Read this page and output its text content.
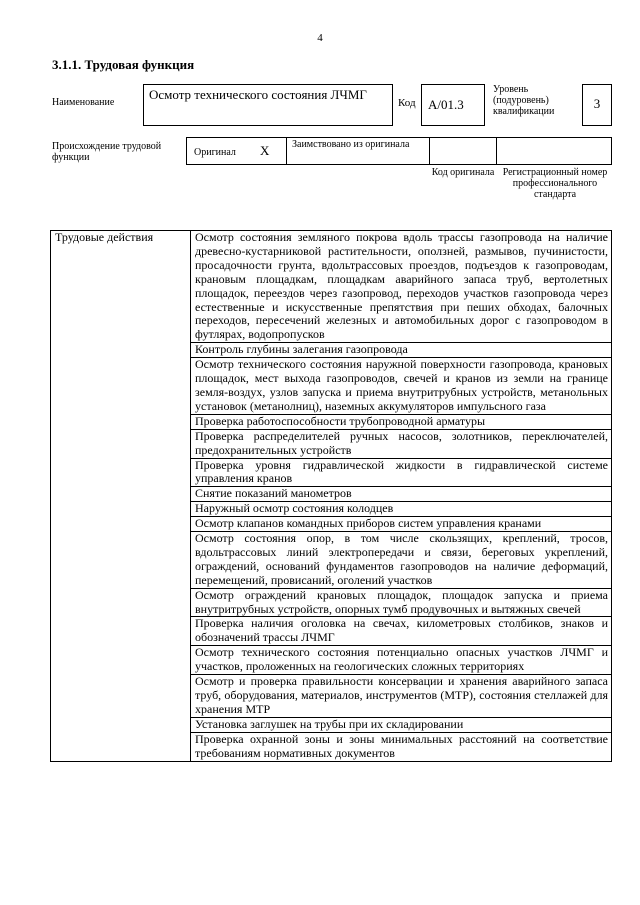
4
3.1.1. Трудовая функция
Наименование
Осмотр технического состояния ЛЧМГ
Код А/01.3
Уровень (подуровень) квалификации
3
Происхождение трудовой функции	Оригинал X Заимствовано из оригинала
Код оригинала Регистрационный номер профессионального стандарта
Трудовые действия	Осмотр состояния земляного покрова вдоль трассы газопровода на наличие древесно-кустарниковой растительности, оползней, размывов, пучинистости, просадочности грунта, вдольтрассовых проездов, подъездов к газопроводам, крановым площадкам, площадкам аварийного запаса труб, вертолетных площадок, переездов через газопровод, переходов участков газопровода через естественные и искусственные препятствия при пеших обходах, балочных переходов, пересечений железных и автомобильных дорог с газопроводом в футлярах, водопропусков
Контроль глубины залегания газопровода
Осмотр технического состояния наружной поверхности газопровода, крановых площадок, мест выхода газопроводов, свечей и кранов из земли на границе земля-воздух, узлов запуска и приема внутритрубных устройств, метанольных установок (метанолниц), наземных аккумуляторов импульсного газа
Проверка работоспособности трубопроводной арматуры
Проверка распределителей ручных насосов, золотников, переключателей, предохранительных устройств
Проверка уровня гидравлической жидкости в гидравлической системе управления кранов
Снятие показаний манометров
Наружный осмотр состояния колодцев
Осмотр клапанов командных приборов систем управления кранами
Осмотр состояния опор, в том числе скользящих, креплений, тросов, вдольтрассовых линий электропередачи и связи, береговых укреплений, ограждений, оснований фундаментов газопроводов на наличие деформаций, перемещений, провисаний, оголений участков
Осмотр ограждений крановых площадок, площадок запуска и приема внутритрубных устройств, опорных тумб продувочных и вытяжных свечей
Проверка наличия оголовка на свечах, километровых столбиков, знаков и обозначений трассы ЛЧМГ
Осмотр технического состояния потенциально опасных участков ЛЧМГ и участков, проложенных на геологических сложных территориях
Осмотр и проверка правильности консервации и хранения аварийного запаса труб, оборудования, материалов, инструментов (МТР), состояния стеллажей для хранения МТР
Установка заглушек на трубы при их складировании
Проверка охранной зоны и зоны минимальных расстояний на соответствие требованиям нормативных документов
